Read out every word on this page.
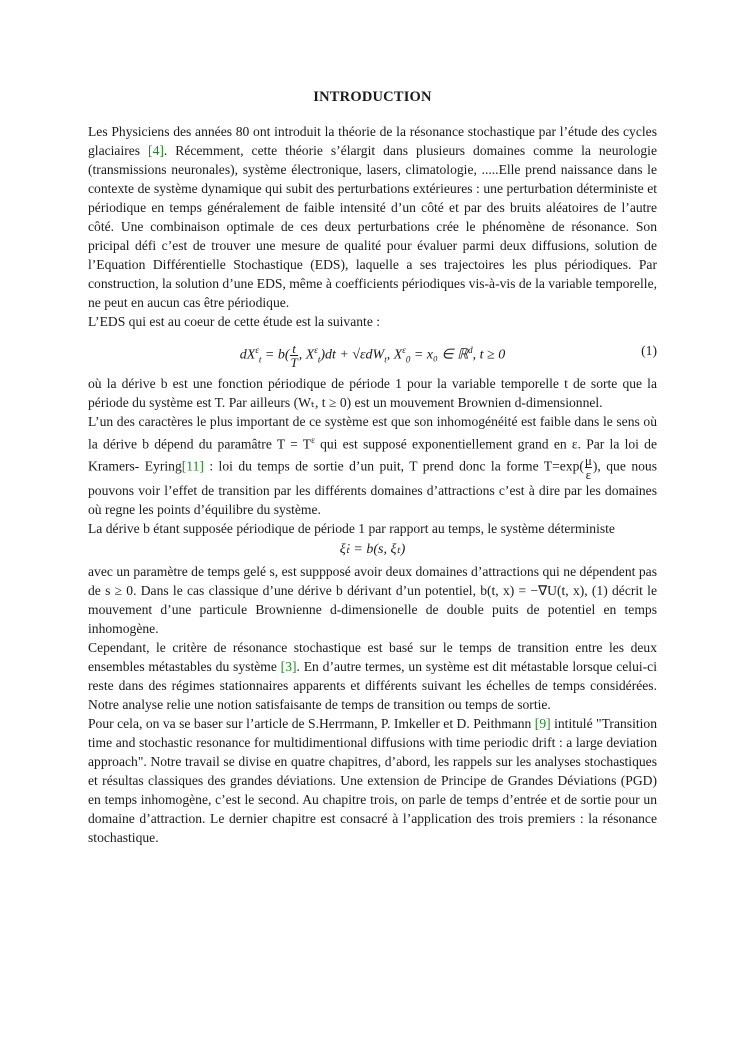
INTRODUCTION

Les Physiciens des années 80 ont introduit la théorie de la résonance stochastique par l’étude des cycles glaciaires [4]. Récemment, cette théorie s’élargit dans plusieurs domaines comme la neurologie (transmissions neuronales), système électronique, lasers, climatologie, .....Elle prend naissance dans le contexte de système dynamique qui subit des perturbations extérieures : une perturbation déterministe et périodique en temps généralement de faible intensité d’un côté et par des bruits aléatoires de l’autre côté. Une combinaison optimale de ces deux perturbations crée le phénomène de résonance. Son pricipal défi c’est de trouver une mesure de qualité pour évaluer parmi deux diffusions, solution de l’Equation Différentielle Stochastique (EDS), laquelle a ses trajectoires les plus périodiques. Par construction, la solution d’une EDS, même à coefficients périodiques vis-à-vis de la variable temporelle, ne peut en aucun cas être périodique.

L’EDS qui est au coeur de cette étude est la suivante :

$dX^\varepsilon_t = b( \frac{t}{T}$ , $X^\varepsilon_t)dt + √\varepsilon dW_t$, $X^\varepsilon_0 = x_0$ ∈ ℝ$^d$, t ≥ 0	(1)

où la dérive b est une fonction périodique de période 1 pour la variable temporelle t de sorte que la période du système est T. Par ailleurs (Wₜ, t ≥ 0) est un mouvement Brownien d-dimensionnel.

L’un des caractères le plus important de ce système est que son inhomogénéité est faible dans le sens où la dérive b dépend du paramâtre $T = T^\varepsilon$ qui est supposé exponentiellement grand en ε. Par la loi de Kramers- Eyring[11] : loi du temps de sortie d’un puit, T prend donc la forme $T=\exp( \frac{\mu}{\varepsilon}$ ), que nous pouvons voir l’effet de transition par les différents domaines d’attractions c’est à dire par les domaines où regne les points d’équilibre du système.

La dérive b étant supposée périodique de période 1 par rapport au temps, le système déterministe

ξ̇ₜ = b(s, ξₜ)

avec un paramètre de temps gelé s, est suppposé avoir deux domaines d’attractions qui ne dépendent pas de s ≥ 0. Dans le cas classique d’une dérive b dérivant d’un potentiel, b(t, x) = −∇U(t, x), (1) décrit le mouvement d’une particule Brownienne d-dimensionelle de double puits de potentiel en temps inhomogène.

Cependant, le critère de résonance stochastique est basé sur le temps de transition entre les deux ensembles métastables du système [3]. En d’autre termes, un système est dit métastable lorsque celui-ci reste dans des régimes stationnaires apparents et différents suivant les échelles de temps considérées. Notre analyse relie une notion satisfaisante de temps de transition ou temps de sortie.

Pour cela, on va se baser sur l’article de S.Herrmann, P. Imkeller et D. Peithmann [9] intitulé "Transition time and stochastic resonance for multidimentional diffusions with time periodic drift : a large deviation approach". Notre travail se divise en quatre chapitres, d’abord, les rappels sur les analyses stochastiques et résultas classiques des grandes déviations. Une extension de Principe de Grandes Déviations (PGD) en temps inhomogène, c’est le second. Au chapitre trois, on parle de temps d’entrée et de sortie pour un domaine d’attraction. Le dernier chapitre est consacré à l’application des trois premiers : la résonance stochastique.
